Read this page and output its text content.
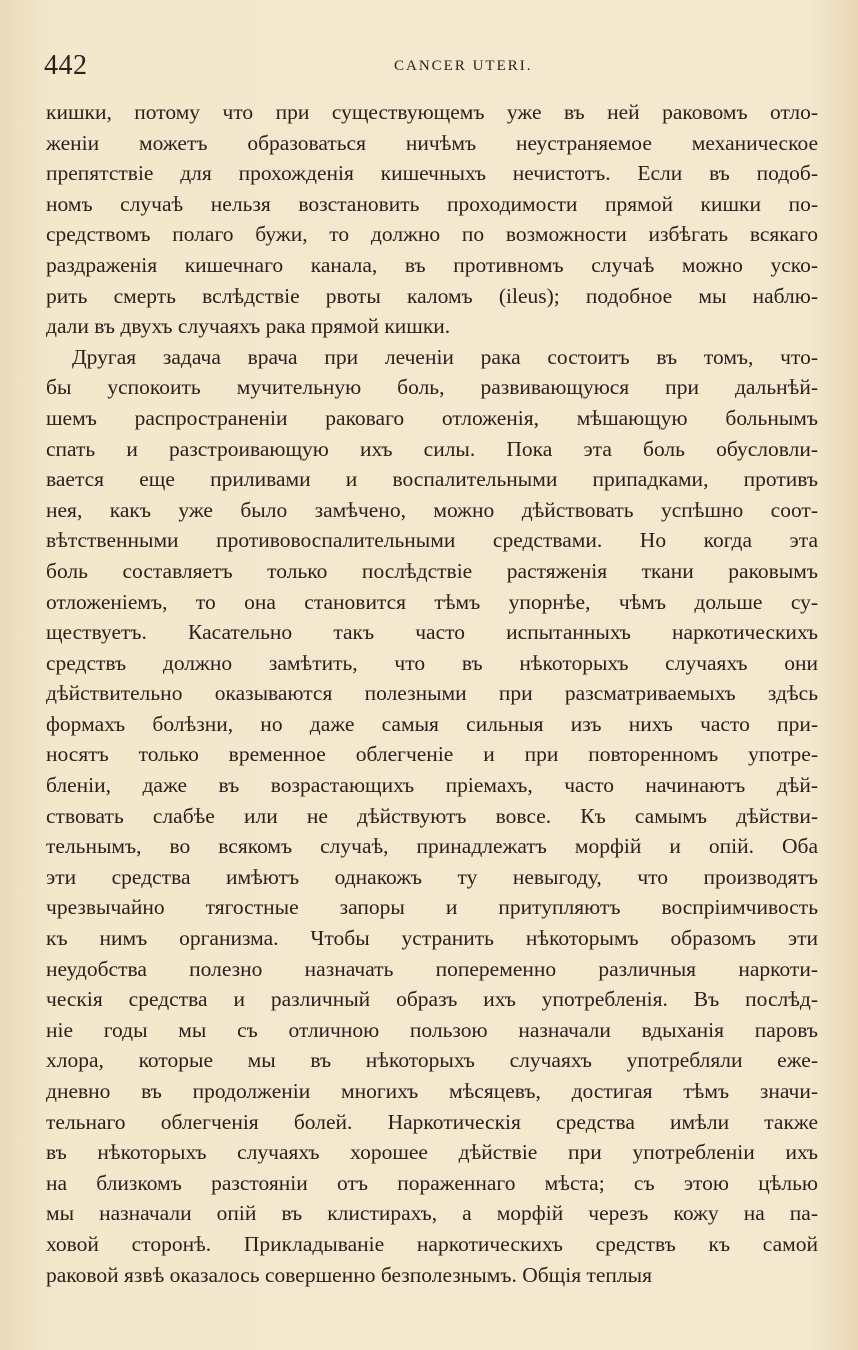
442	CANCER UTERI.
кишки, потому что при существующемъ уже въ ней раковомъ отло-
женіи можетъ образоваться ничѣмъ неустраняемое механическое
препятствіе для прохожденія кишечныхъ нечистотъ. Если въ подоб-
номъ случаѣ нельзя возстановить проходимости прямой кишки по-
средствомъ полаго бужи, то должно по возможности избѣгать всякаго
раздраженія кишечнаго канала, въ противномъ случаѣ можно уско-
рить смерть вслѣдствіе рвоты каломъ (ileus); подобное мы наблю-
дали въ двухъ случаяхъ рака прямой кишки.
Другая задача врача при леченіи рака состоитъ въ томъ, что-
бы успокоить мучительную боль, развивающуюся при дальнѣй-
шемъ распространеніи раковаго отложенія, мѣшающую больнымъ
спать и разстроивающую ихъ силы. Пока эта боль обусловли-
вается еще приливами и воспалительными припадками, противъ
нея, какъ уже было замѣчено, можно дѣйствовать успѣшно соот-
вѣтственными противовоспалительными средствами. Но когда эта
боль составляетъ только послѣдствіе растяженія ткани раковымъ
отложеніемъ, то она становится тѣмъ упорнѣе, чѣмъ дольше су-
ществуетъ. Касательно такъ часто испытанныхъ наркотическихъ
средствъ должно замѣтить, что въ нѣкоторыхъ случаяхъ они
дѣйствительно оказываются полезными при разсматриваемыхъ здѣсь
формахъ болѣзни, но даже самыя сильныя изъ нихъ часто при-
носятъ только временное облегченіе и при повторенномъ употре-
бленіи, даже въ возрастающихъ пріемахъ, часто начинаютъ дѣй-
ствовать слабѣе или не дѣйствуютъ вовсе. Къ самымъ дѣйстви-
тельнымъ, во всякомъ случаѣ, принадлежатъ морфій и опій. Оба
эти средства имѣютъ однакожъ ту невыгоду, что производятъ
чрезвычайно тягостные запоры и притупляютъ воспріимчивость
къ нимъ организма. Чтобы устранить нѣкоторымъ образомъ эти
неудобства полезно назначать попеременно различныя наркоти-
ческія средства и различный образъ ихъ употребленія. Въ послѣд-
ніе годы мы съ отличною пользою назначали вдыханія паровъ
хлора, которые мы въ нѣкоторыхъ случаяхъ употребляли еже-
дневно въ продолженіи многихъ мѣсяцевъ, достигая тѣмъ значи-
тельнаго облегченія болей. Наркотическія средства имѣли также
въ нѣкоторыхъ случаяхъ хорошее дѣйствіе при употребленіи ихъ
на близкомъ разстояніи отъ пораженнаго мѣста; съ этою цѣлью
мы назначали опій въ клистирахъ, а морфій черезъ кожу на па-
ховой сторонѣ. Прикладываніе наркотическихъ средствъ къ самой
раковой язвѣ оказалось совершенно безполезнымъ. Общія теплыя
